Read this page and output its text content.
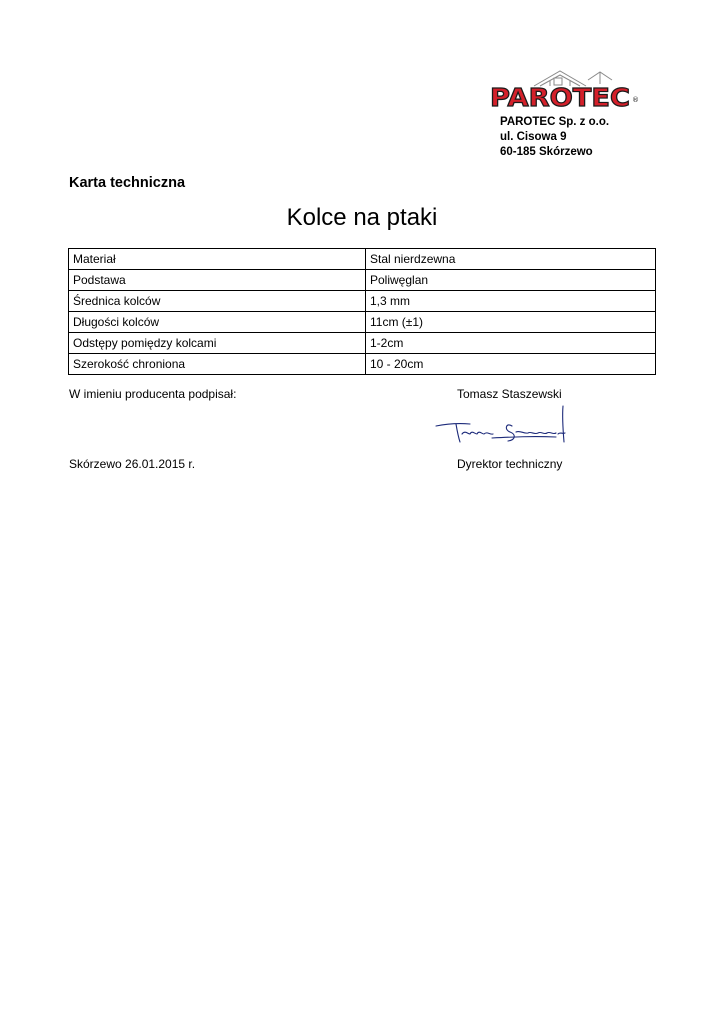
PAROTEC ®
PAROTEC Sp. z o.o.
ul. Cisowa 9
60-185 Skórzewo
Karta techniczna
Kolce na ptaki
Materiał	Stal nierdzewna
Podstawa	Poliwęglan
Średnica kolców	1,3 mm
Długości kolców	11cm (±1)
Odstępy pomiędzy kolcami	1-2cm
Szerokość chroniona	10 - 20cm
W imieniu producenta podpisał:	Tomasz Staszewski
Skórzewo 26.01.2015 r.	Dyrektor techniczny
